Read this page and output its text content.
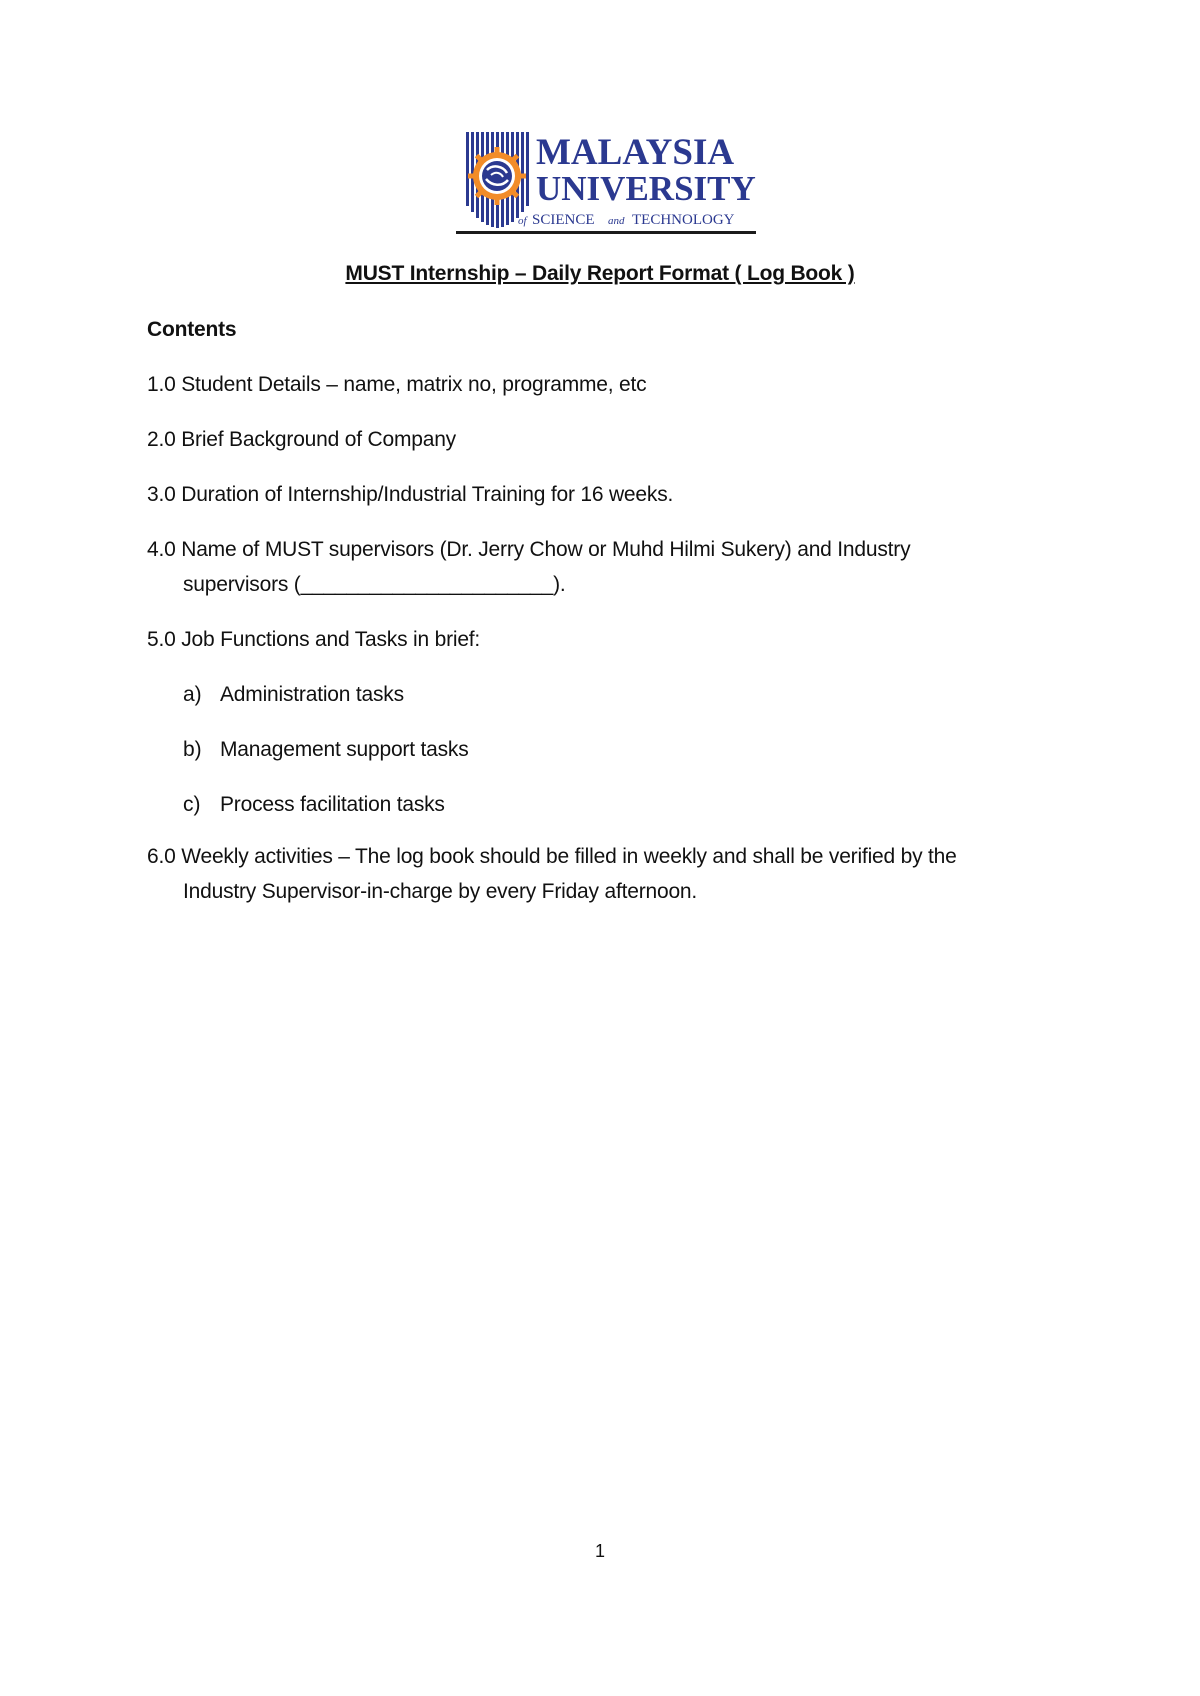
MALAYSIA
UNIVERSITY
of SCIENCE and TECHNOLOGY
MUST Internship – Daily Report Format ( Log Book )
Contents
1.0 Student Details – name, matrix no, programme, etc
2.0 Brief Background of Company
3.0 Duration of Internship/Industrial Training for 16 weeks.
4.0 Name of MUST supervisors (Dr. Jerry Chow or Muhd Hilmi Sukery) and Industry
supervisors (______________________).
5.0 Job Functions and Tasks in brief:
a) Administration tasks
b) Management support tasks
c) Process facilitation tasks
6.0 Weekly activities – The log book should be filled in weekly and shall be verified by the
Industry Supervisor-in-charge by every Friday afternoon.
1
